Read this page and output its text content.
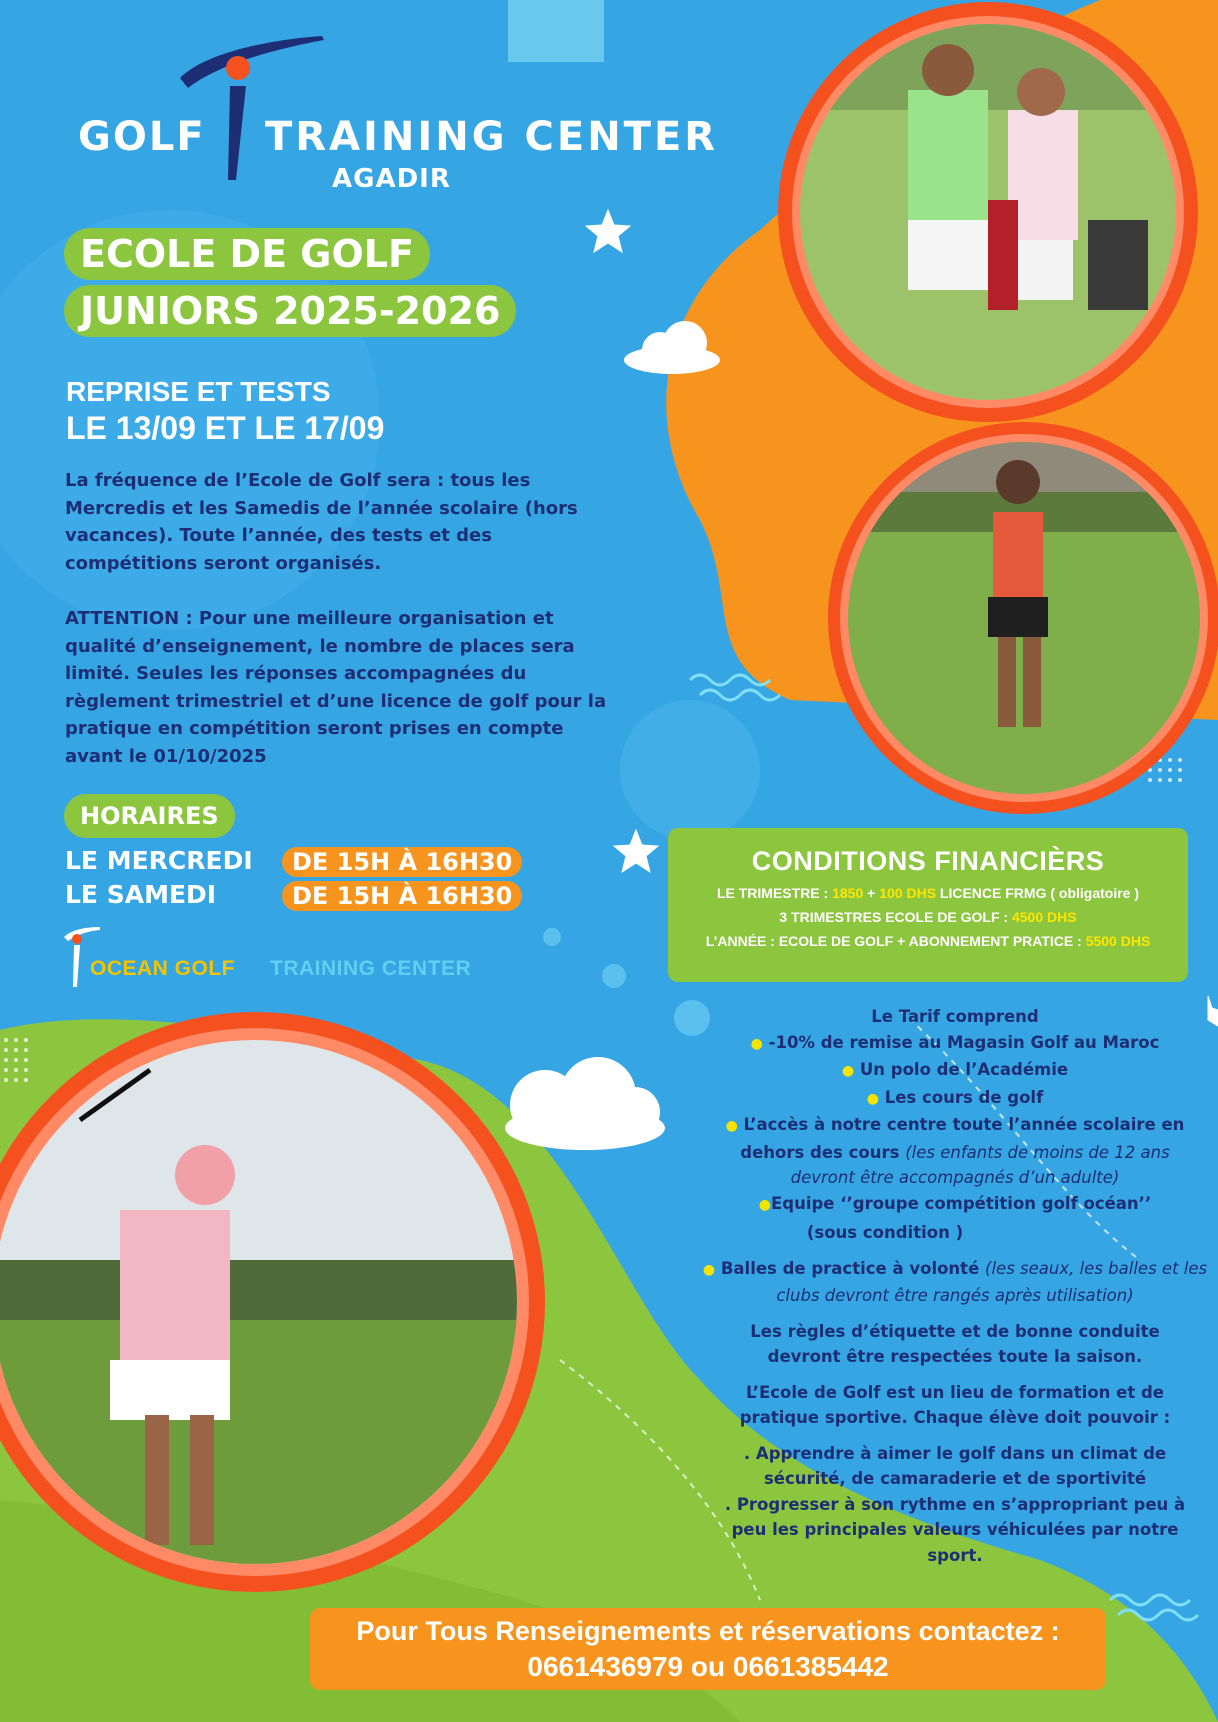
GOLF TRAINING CENTER
AGADIR
ECOLE DE GOLF
JUNIORS 2025-2026
REPRISE ET TESTS
LE 13/09 ET LE 17/09

La fréquence de l’Ecole de Golf sera : tous les Mercredis et les Samedis de l’année scolaire (hors vacances). Toute l’année, des tests et des compétitions seront organisés.

ATTENTION : Pour une meilleure organisation et qualité d’enseignement, le nombre de places sera limité. Seules les réponses accompagnées du règlement trimestriel et d’une licence de golf pour la pratique en compétition seront prises en compte avant le 01/10/2025

HORAIRES
LE MERCREDI	DE 15H À 16H30
LE SAMEDI	DE 15H À 16H30
OCEAN GOLF TRAINING CENTER
CONDITIONS FINANCIÈRS
LE TRIMESTRE : 1850 + 100 DHS LICENCE FRMG ( obligatoire )
3 TRIMESTRES ECOLE DE GOLF : 4500 DHS
L’ANNÉE : ECOLE DE GOLF + ABONNEMENT PRATICE : 5500 DHS
Le Tarif comprend
● -10% de remise au Magasin Golf au Maroc
● Un polo de l’Académie
● Les cours de golf
● L’accès à notre centre toute l’année scolaire en dehors des cours (les enfants de moins de 12 ans devront être accompagnés d’un adulte)
●Equipe ‘’groupe compétition golf océan’’
(sous condition )
● Balles de practice à volonté (les seaux, les balles et les clubs devront être rangés après utilisation)
Les règles d’étiquette et de bonne conduite devront être respectées toute la saison.
L’Ecole de Golf est un lieu de formation et de pratique sportive. Chaque élève doit pouvoir :
. Apprendre à aimer le golf dans un climat de sécurité, de camaraderie et de sportivité
. Progresser à son rythme en s’appropriant peu à peu les principales valeurs véhiculées par notre sport.
Pour Tous Renseignements et réservations contactez :
0661436979 ou 0661385442
